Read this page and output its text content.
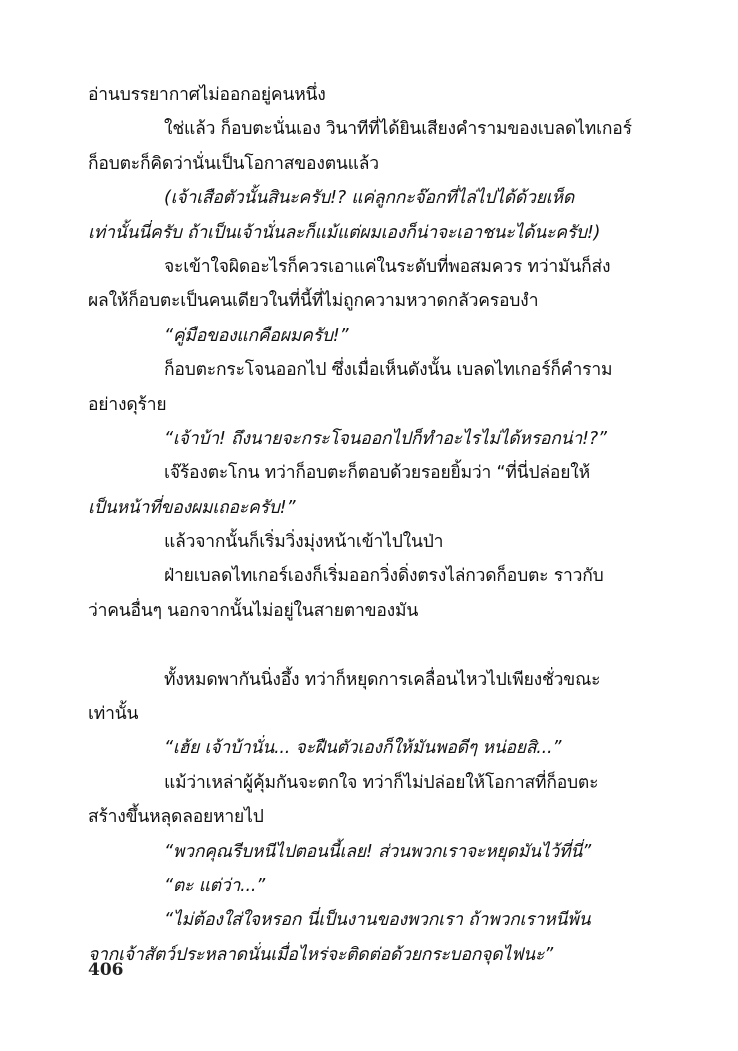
อ่านบรรยากาศไม่ออกอยู่คนหนึ่ง
ใช่แล้ว ก็อบตะนั่นเอง วินาทีที่ได้ยินเสียงคำรามของเบลดไทเกอร์
ก็อบตะก็คิดว่านั่นเป็นโอกาสของตนแล้ว
(เจ้าเสือตัวนั้นสินะครับ!? แค่ลูกกะจ๊อกที่ไล่ไปได้ด้วยเห็ด
เท่านั้นนี่ครับ ถ้าเป็นเจ้านั่นละก็แม้แต่ผมเองก็น่าจะเอาชนะได้นะครับ!)
จะเข้าใจผิดอะไรก็ควรเอาแค่ในระดับที่พอสมควร ทว่ามันก็ส่ง
ผลให้ก็อบตะเป็นคนเดียวในที่นี้ที่ไม่ถูกความหวาดกลัวครอบงำ
“คู่มือของแกคือผมครับ!”
ก็อบตะกระโจนออกไป ซึ่งเมื่อเห็นดังนั้น เบลดไทเกอร์ก็คำราม
อย่างดุร้าย
“เจ้าบ้า! ถึงนายจะกระโจนออกไปก็ทำอะไรไม่ได้หรอกน่า!?”
เจ๊ร้องตะโกน ทว่าก็อบตะก็ตอบด้วยรอยยิ้มว่า “ที่นี่ปล่อยให้
เป็นหน้าที่ของผมเถอะครับ!”
แล้วจากนั้นก็เริ่มวิ่งมุ่งหน้าเข้าไปในป่า
ฝ่ายเบลดไทเกอร์เองก็เริ่มออกวิ่งดิ่งตรงไล่กวดก็อบตะ ราวกับ
ว่าคนอื่นๆ นอกจากนั้นไม่อยู่ในสายตาของมัน
ทั้งหมดพากันนิ่งอึ้ง ทว่าก็หยุดการเคลื่อนไหวไปเพียงชั่วขณะ
เท่านั้น
“เฮ้ย เจ้าบ้านั่น... จะฝืนตัวเองก็ให้มันพอดีๆ หน่อยสิ...”
แม้ว่าเหล่าผู้คุ้มกันจะตกใจ ทว่าก็ไม่ปล่อยให้โอกาสที่ก็อบตะ
สร้างขึ้นหลุดลอยหายไป
“พวกคุณรีบหนีไปตอนนี้เลย! ส่วนพวกเราจะหยุดมันไว้ที่นี่”
“ตะ แต่ว่า...”
“ไม่ต้องใส่ใจหรอก นี่เป็นงานของพวกเรา ถ้าพวกเราหนีพ้น
จากเจ้าสัตว์ประหลาดนั่นเมื่อไหร่จะติดต่อด้วยกระบอกจุดไฟนะ”
406
